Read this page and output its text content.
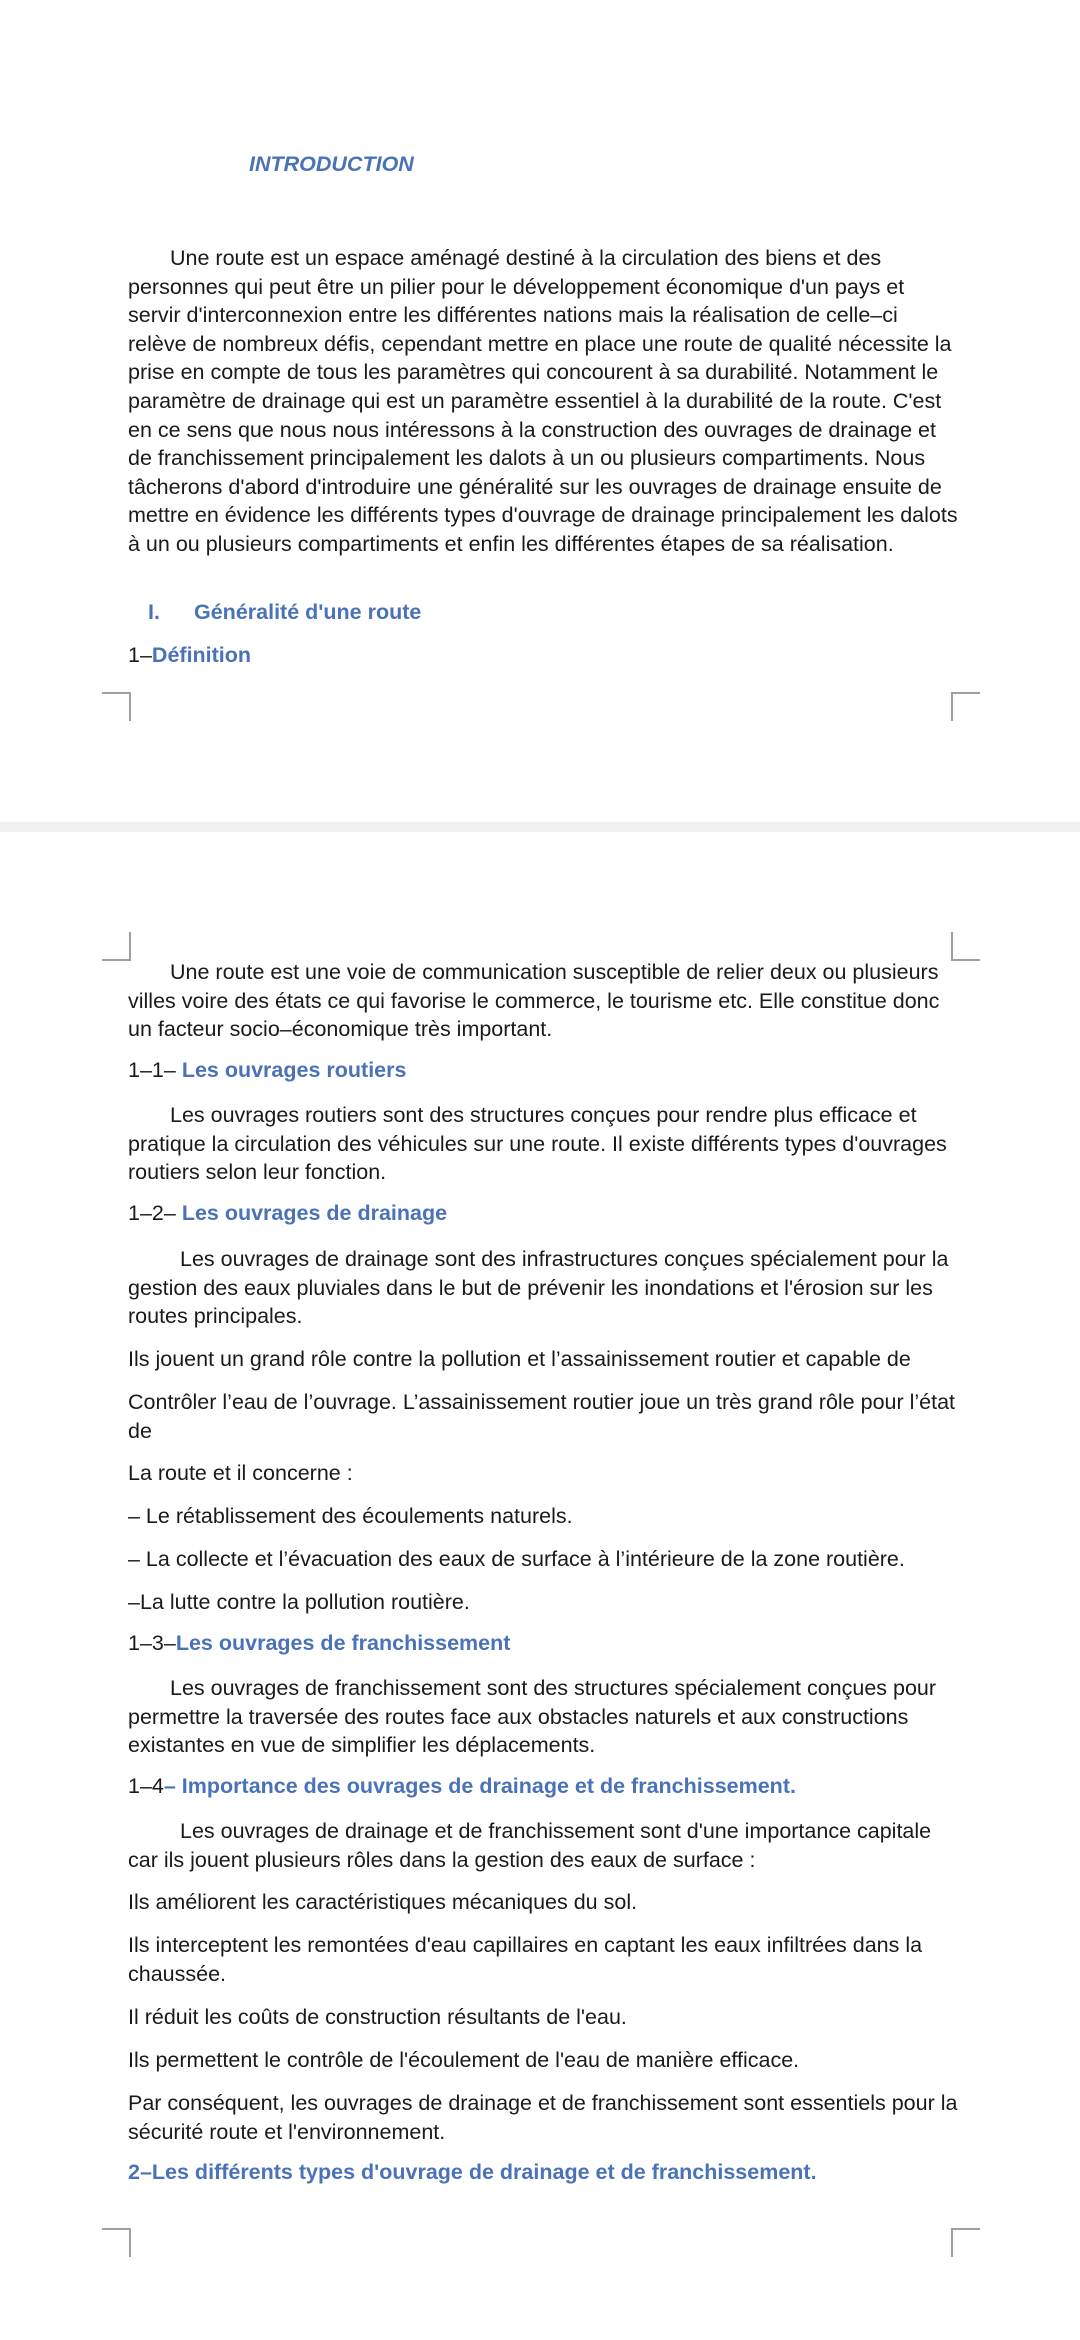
INTRODUCTION

Une route est un espace aménagé destiné à la circulation des biens et des personnes qui peut être un pilier pour le développement économique d'un pays et servir d'interconnexion entre les différentes nations mais la réalisation de celle–ci relève de nombreux défis, cependant mettre en place une route de qualité nécessite la prise en compte de tous les paramètres qui concourent à sa durabilité. Notamment le paramètre de drainage qui est un paramètre essentiel à la durabilité de la route. C'est en ce sens que nous nous intéressons à la construction des ouvrages de drainage et de franchissement principalement les dalots à un ou plusieurs compartiments. Nous tâcherons d'abord d'introduire une généralité sur les ouvrages de drainage ensuite de mettre en évidence les différents types d'ouvrage de drainage principalement les dalots à un ou plusieurs compartiments et enfin les différentes étapes de sa réalisation.

I. Généralité d'une route

1–Définition

Une route est une voie de communication susceptible de relier deux ou plusieurs villes voire des états ce qui favorise le commerce, le tourisme etc. Elle constitue donc un facteur socio–économique très important.

1–1– Les ouvrages routiers

Les ouvrages routiers sont des structures conçues pour rendre plus efficace et pratique la circulation des véhicules sur une route. Il existe différents types d'ouvrages routiers selon leur fonction.

1–2– Les ouvrages de drainage

Les ouvrages de drainage sont des infrastructures conçues spécialement pour la gestion des eaux pluviales dans le but de prévenir les inondations et l'érosion sur les routes principales.

Ils jouent un grand rôle contre la pollution et l’assainissement routier et capable de

Contrôler l’eau de l’ouvrage. L’assainissement routier joue un très grand rôle pour l’état de

La route et il concerne :

– Le rétablissement des écoulements naturels.

– La collecte et l’évacuation des eaux de surface à l’intérieure de la zone routière.

–La lutte contre la pollution routière.

1–3–Les ouvrages de franchissement

Les ouvrages de franchissement sont des structures spécialement conçues pour permettre la traversée des routes face aux obstacles naturels et aux constructions existantes en vue de simplifier les déplacements.

1–4– Importance des ouvrages de drainage et de franchissement.

Les ouvrages de drainage et de franchissement sont d'une importance capitale car ils jouent plusieurs rôles dans la gestion des eaux de surface :

Ils améliorent les caractéristiques mécaniques du sol.

Ils interceptent les remontées d'eau capillaires en captant les eaux infiltrées dans la chaussée.

Il réduit les coûts de construction résultants de l'eau.

Ils permettent le contrôle de l'écoulement de l'eau de manière efficace.

Par conséquent, les ouvrages de drainage et de franchissement sont essentiels pour la sécurité route et l'environnement.

2–Les différents types d'ouvrage de drainage et de franchissement.
